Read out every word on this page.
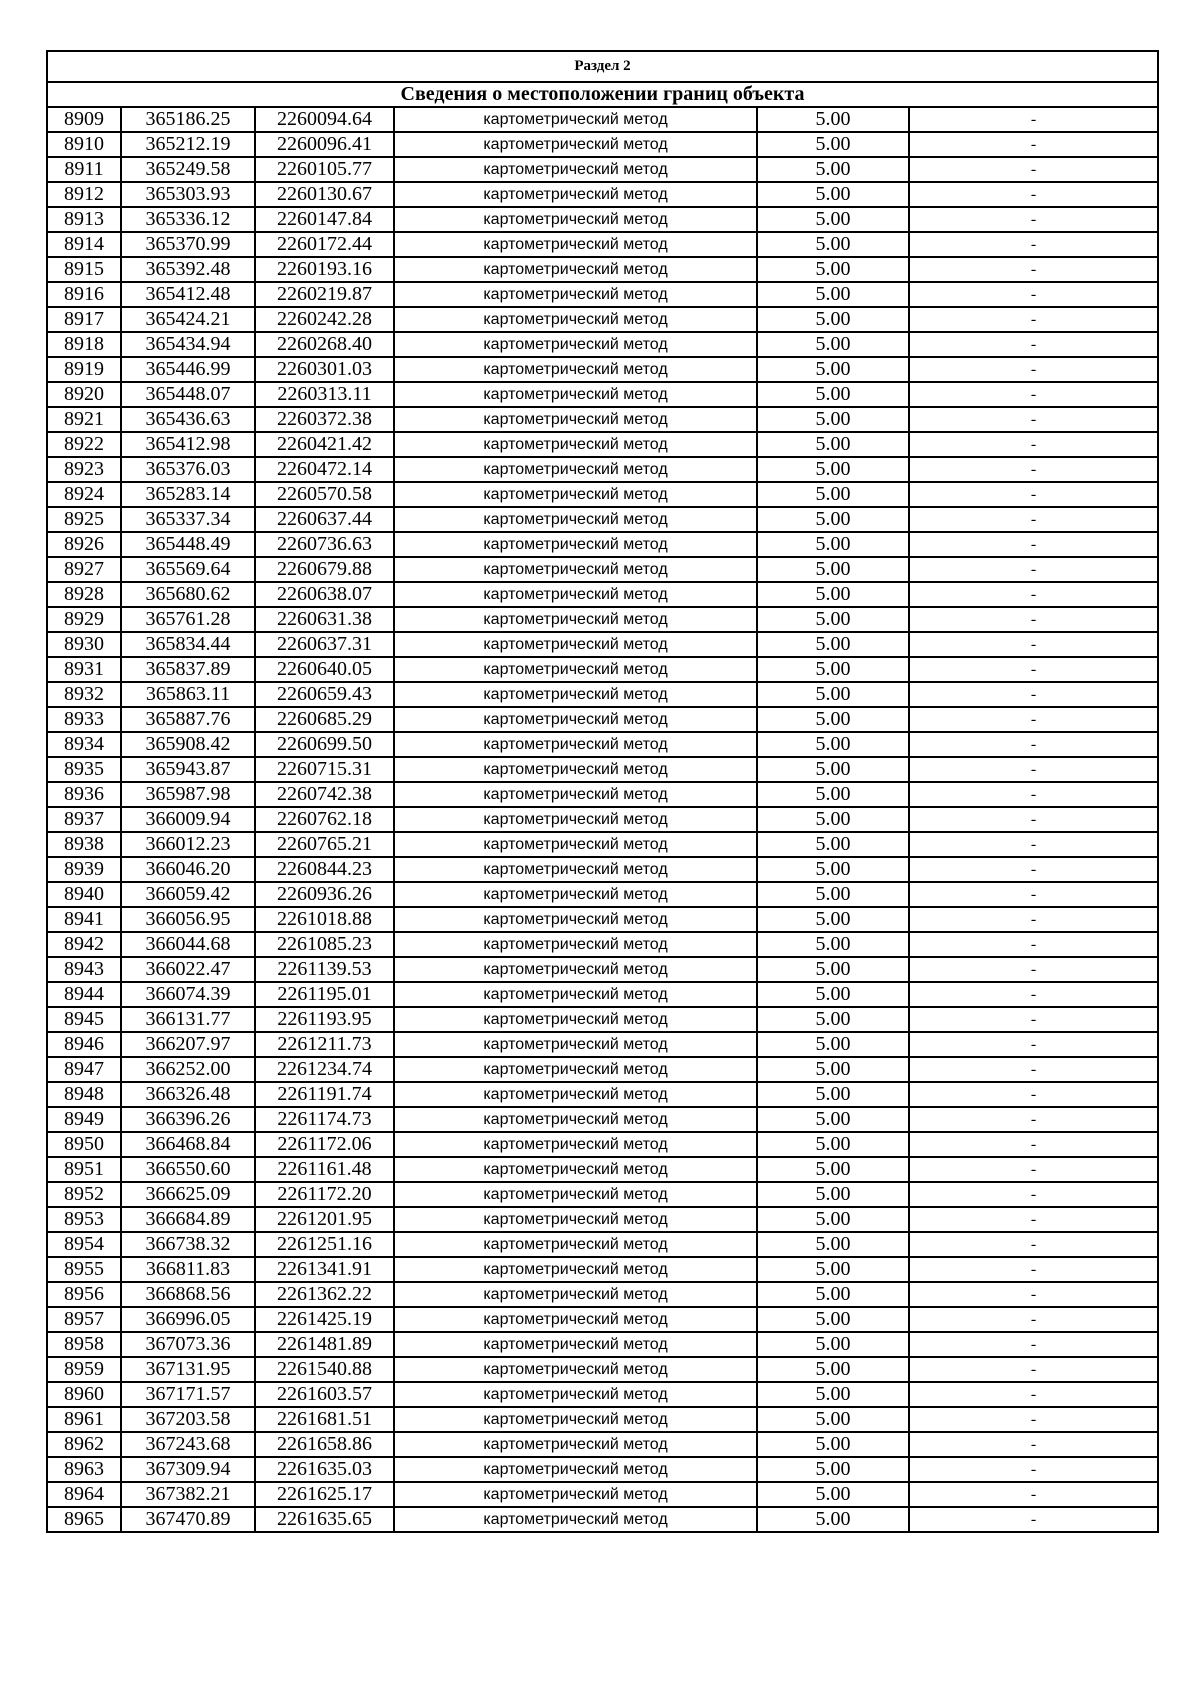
Раздел 2					
Сведения о местоположении границ объекта					
8909	365186.25	2260094.64	картометрический метод	5.00	-
8910	365212.19	2260096.41	картометрический метод	5.00	-
8911	365249.58	2260105.77	картометрический метод	5.00	-
8912	365303.93	2260130.67	картометрический метод	5.00	-
8913	365336.12	2260147.84	картометрический метод	5.00	-
8914	365370.99	2260172.44	картометрический метод	5.00	-
8915	365392.48	2260193.16	картометрический метод	5.00	-
8916	365412.48	2260219.87	картометрический метод	5.00	-
8917	365424.21	2260242.28	картометрический метод	5.00	-
8918	365434.94	2260268.40	картометрический метод	5.00	-
8919	365446.99	2260301.03	картометрический метод	5.00	-
8920	365448.07	2260313.11	картометрический метод	5.00	-
8921	365436.63	2260372.38	картометрический метод	5.00	-
8922	365412.98	2260421.42	картометрический метод	5.00	-
8923	365376.03	2260472.14	картометрический метод	5.00	-
8924	365283.14	2260570.58	картометрический метод	5.00	-
8925	365337.34	2260637.44	картометрический метод	5.00	-
8926	365448.49	2260736.63	картометрический метод	5.00	-
8927	365569.64	2260679.88	картометрический метод	5.00	-
8928	365680.62	2260638.07	картометрический метод	5.00	-
8929	365761.28	2260631.38	картометрический метод	5.00	-
8930	365834.44	2260637.31	картометрический метод	5.00	-
8931	365837.89	2260640.05	картометрический метод	5.00	-
8932	365863.11	2260659.43	картометрический метод	5.00	-
8933	365887.76	2260685.29	картометрический метод	5.00	-
8934	365908.42	2260699.50	картометрический метод	5.00	-
8935	365943.87	2260715.31	картометрический метод	5.00	-
8936	365987.98	2260742.38	картометрический метод	5.00	-
8937	366009.94	2260762.18	картометрический метод	5.00	-
8938	366012.23	2260765.21	картометрический метод	5.00	-
8939	366046.20	2260844.23	картометрический метод	5.00	-
8940	366059.42	2260936.26	картометрический метод	5.00	-
8941	366056.95	2261018.88	картометрический метод	5.00	-
8942	366044.68	2261085.23	картометрический метод	5.00	-
8943	366022.47	2261139.53	картометрический метод	5.00	-
8944	366074.39	2261195.01	картометрический метод	5.00	-
8945	366131.77	2261193.95	картометрический метод	5.00	-
8946	366207.97	2261211.73	картометрический метод	5.00	-
8947	366252.00	2261234.74	картометрический метод	5.00	-
8948	366326.48	2261191.74	картометрический метод	5.00	-
8949	366396.26	2261174.73	картометрический метод	5.00	-
8950	366468.84	2261172.06	картометрический метод	5.00	-
8951	366550.60	2261161.48	картометрический метод	5.00	-
8952	366625.09	2261172.20	картометрический метод	5.00	-
8953	366684.89	2261201.95	картометрический метод	5.00	-
8954	366738.32	2261251.16	картометрический метод	5.00	-
8955	366811.83	2261341.91	картометрический метод	5.00	-
8956	366868.56	2261362.22	картометрический метод	5.00	-
8957	366996.05	2261425.19	картометрический метод	5.00	-
8958	367073.36	2261481.89	картометрический метод	5.00	-
8959	367131.95	2261540.88	картометрический метод	5.00	-
8960	367171.57	2261603.57	картометрический метод	5.00	-
8961	367203.58	2261681.51	картометрический метод	5.00	-
8962	367243.68	2261658.86	картометрический метод	5.00	-
8963	367309.94	2261635.03	картометрический метод	5.00	-
8964	367382.21	2261625.17	картометрический метод	5.00	-
8965	367470.89	2261635.65	картометрический метод	5.00	-
